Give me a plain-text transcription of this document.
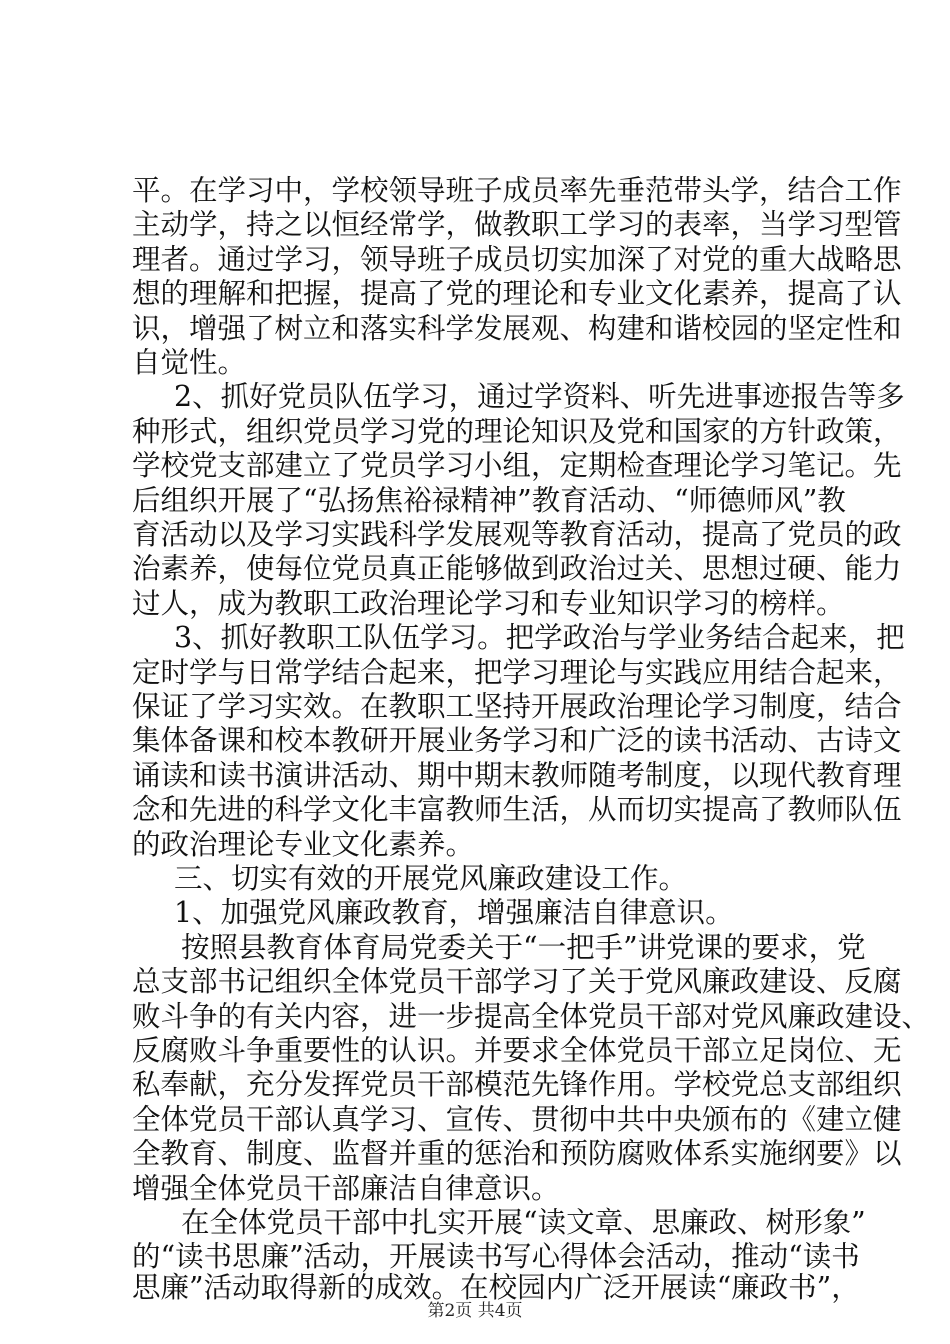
平。在学习中，学校领导班子成员率先垂范带头学，结合工作
主动学，持之以恒经常学，做教职工学习的表率，当学习型管
理者。通过学习，领导班子成员切实加深了对党的重大战略思
想的理解和把握，提高了党的理论和专业文化素养，提高了认
识，增强了树立和落实科学发展观、构建和谐校园的坚定性和
自觉性。
2、抓好党员队伍学习，通过学资料、听先进事迹报告等多
种形式，组织党员学习党的理论知识及党和国家的方针政策，
学校党支部建立了党员学习小组，定期检查理论学习笔记。先
后组织开展了“弘扬焦裕禄精神”教育活动、“师德师风”教
育活动以及学习实践科学发展观等教育活动，提高了党员的政
治素养，使每位党员真正能够做到政治过关、思想过硬、能力
过人，成为教职工政治理论学习和专业知识学习的榜样。
3、抓好教职工队伍学习。把学政治与学业务结合起来，把
定时学与日常学结合起来，把学习理论与实践应用结合起来，
保证了学习实效。在教职工坚持开展政治理论学习制度，结合
集体备课和校本教研开展业务学习和广泛的读书活动、古诗文
诵读和读书演讲活动、期中期末教师随考制度，以现代教育理
念和先进的科学文化丰富教师生活，从而切实提高了教师队伍
的政治理论专业文化素养。
三、切实有效的开展党风廉政建设工作。
1、加强党风廉政教育，增强廉洁自律意识。
按照县教育体育局党委关于“一把手”讲党课的要求，党
总支部书记组织全体党员干部学习了关于党风廉政建设、反腐
败斗争的有关内容，进一步提高全体党员干部对党风廉政建设、
反腐败斗争重要性的认识。并要求全体党员干部立足岗位、无
私奉献，充分发挥党员干部模范先锋作用。学校党总支部组织
全体党员干部认真学习、宣传、贯彻中共中央颁布的《建立健
全教育、制度、监督并重的惩治和预防腐败体系实施纲要》以
增强全体党员干部廉洁自律意识。
在全体党员干部中扎实开展“读文章、思廉政、树形象”
的“读书思廉”活动，开展读书写心得体会活动，推动“读书
思廉”活动取得新的成效。在校园内广泛开展读“廉政书”，
第2页 共4页
